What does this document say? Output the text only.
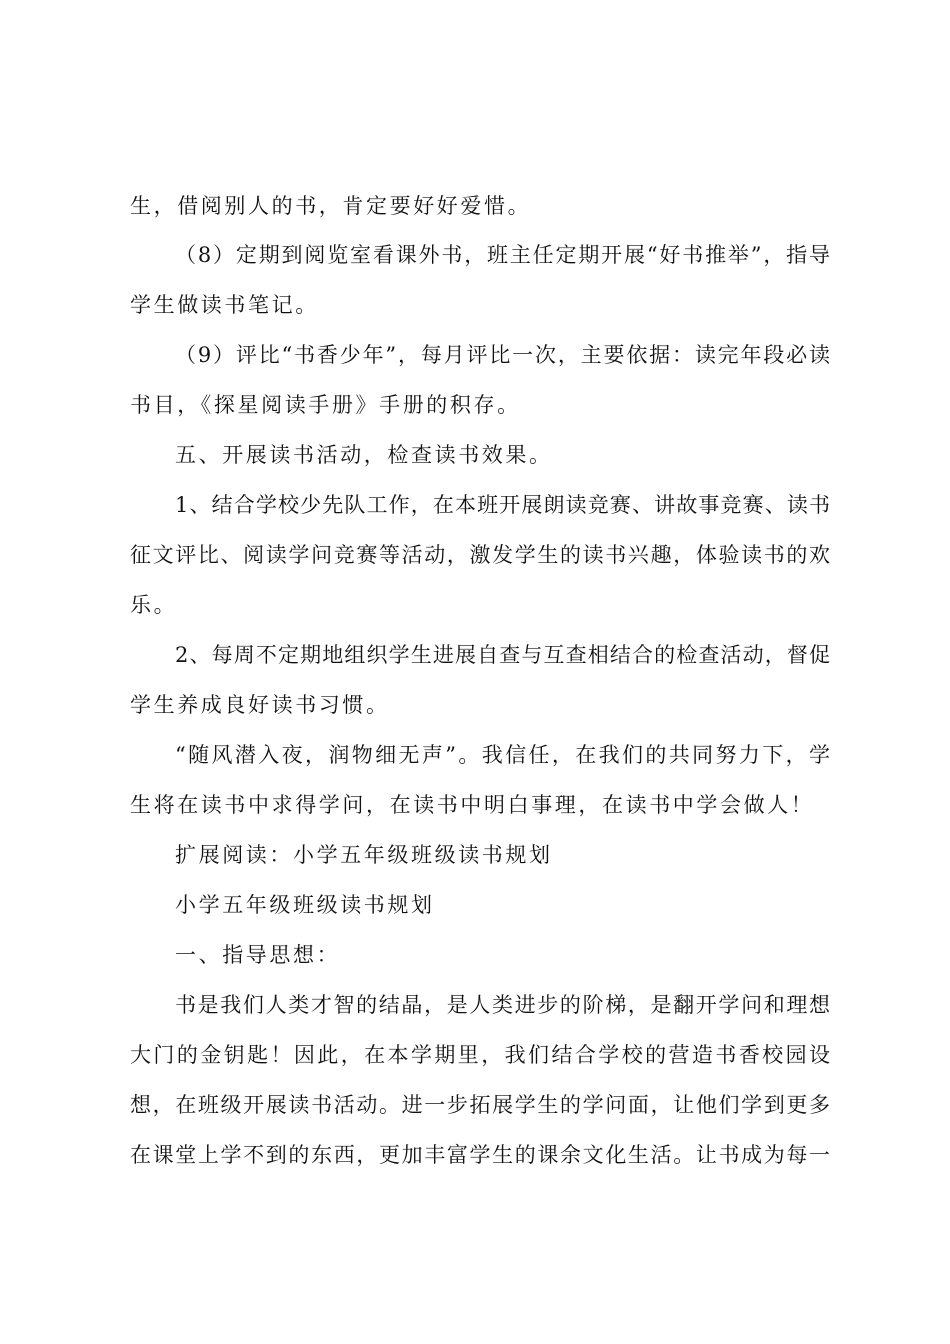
生，借阅别人的书，肯定要好好爱惜。
（8）定期到阅览室看课外书，班主任定期开展“好书推举”，指导
学生做读书笔记。
（9）评比“书香少年”，每月评比一次，主要依据：读完年段必读
书目，《探星阅读手册》手册的积存。
五、开展读书活动，检查读书效果。
1、结合学校少先队工作，在本班开展朗读竞赛、讲故事竞赛、读书
征文评比、阅读学问竞赛等活动，激发学生的读书兴趣，体验读书的欢
乐。
2、每周不定期地组织学生进展自查与互查相结合的检查活动，督促
学生养成良好读书习惯。
“随风潜入夜，润物细无声”。我信任，在我们的共同努力下，学
生将在读书中求得学问，在读书中明白事理，在读书中学会做人！
扩展阅读：小学五年级班级读书规划
小学五年级班级读书规划
一、指导思想：
书是我们人类才智的结晶，是人类进步的阶梯，是翻开学问和理想
大门的金钥匙！因此，在本学期里，我们结合学校的营造书香校园设
想，在班级开展读书活动。进一步拓展学生的学问面，让他们学到更多
在课堂上学不到的东西，更加丰富学生的课余文化生活。让书成为每一
